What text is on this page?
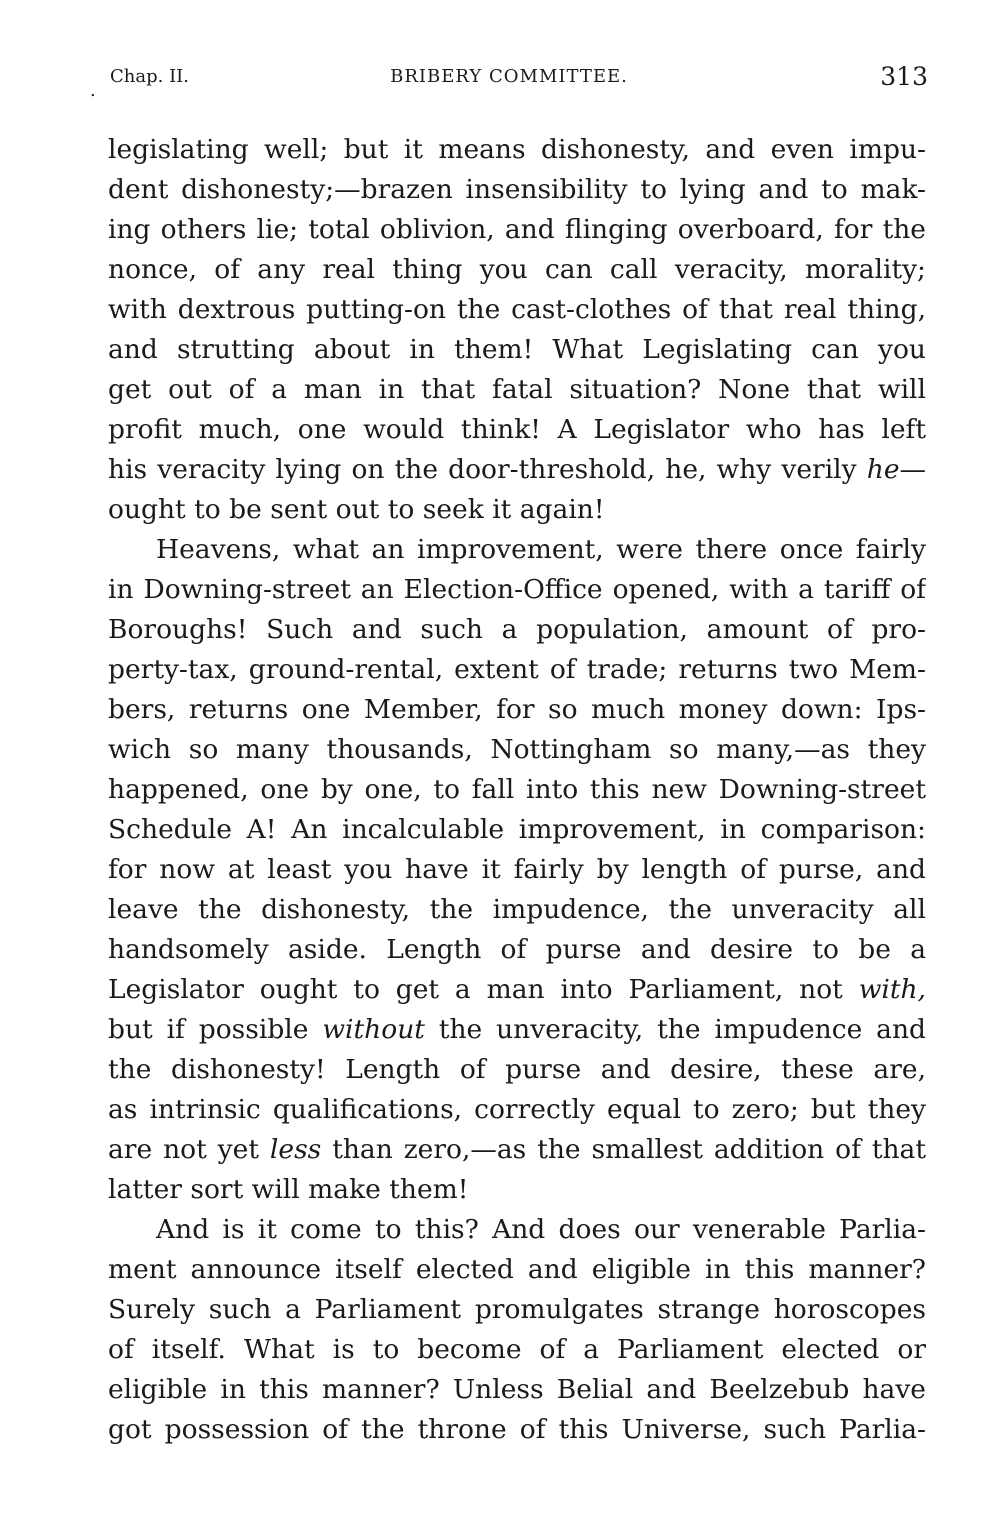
.
Chap. II.	BRIBERY COMMITTEE.	313
legislating well; but it means dishonesty, and even impu-
dent dishonesty;—brazen insensibility to lying and to mak-
ing others lie; total oblivion, and flinging overboard, for the
nonce, of any real thing you can call veracity, morality;
with dextrous putting-on the cast-clothes of that real thing,
and strutting about in them! What Legislating can you
get out of a man in that fatal situation? None that will
profit much, one would think! A Legislator who has left
his veracity lying on the door-threshold, he, why verily he—
ought to be sent out to seek it again!
Heavens, what an improvement, were there once fairly
in Downing-street an Election-Office opened, with a tariff of
Boroughs! Such and such a population, amount of pro-
perty-tax, ground-rental, extent of trade; returns two Mem-
bers, returns one Member, for so much money down: Ips-
wich so many thousands, Nottingham so many,—as they
happened, one by one, to fall into this new Downing-street
Schedule A! An incalculable improvement, in comparison:
for now at least you have it fairly by length of purse, and
leave the dishonesty, the impudence, the unveracity all
handsomely aside. Length of purse and desire to be a
Legislator ought to get a man into Parliament, not with,
but if possible without the unveracity, the impudence and
the dishonesty! Length of purse and desire, these are,
as intrinsic qualifications, correctly equal to zero; but they
are not yet less than zero,—as the smallest addition of that
latter sort will make them!
And is it come to this? And does our venerable Parlia-
ment announce itself elected and eligible in this manner?
Surely such a Parliament promulgates strange horoscopes
of itself. What is to become of a Parliament elected or
eligible in this manner? Unless Belial and Beelzebub have
got possession of the throne of this Universe, such Parlia-
